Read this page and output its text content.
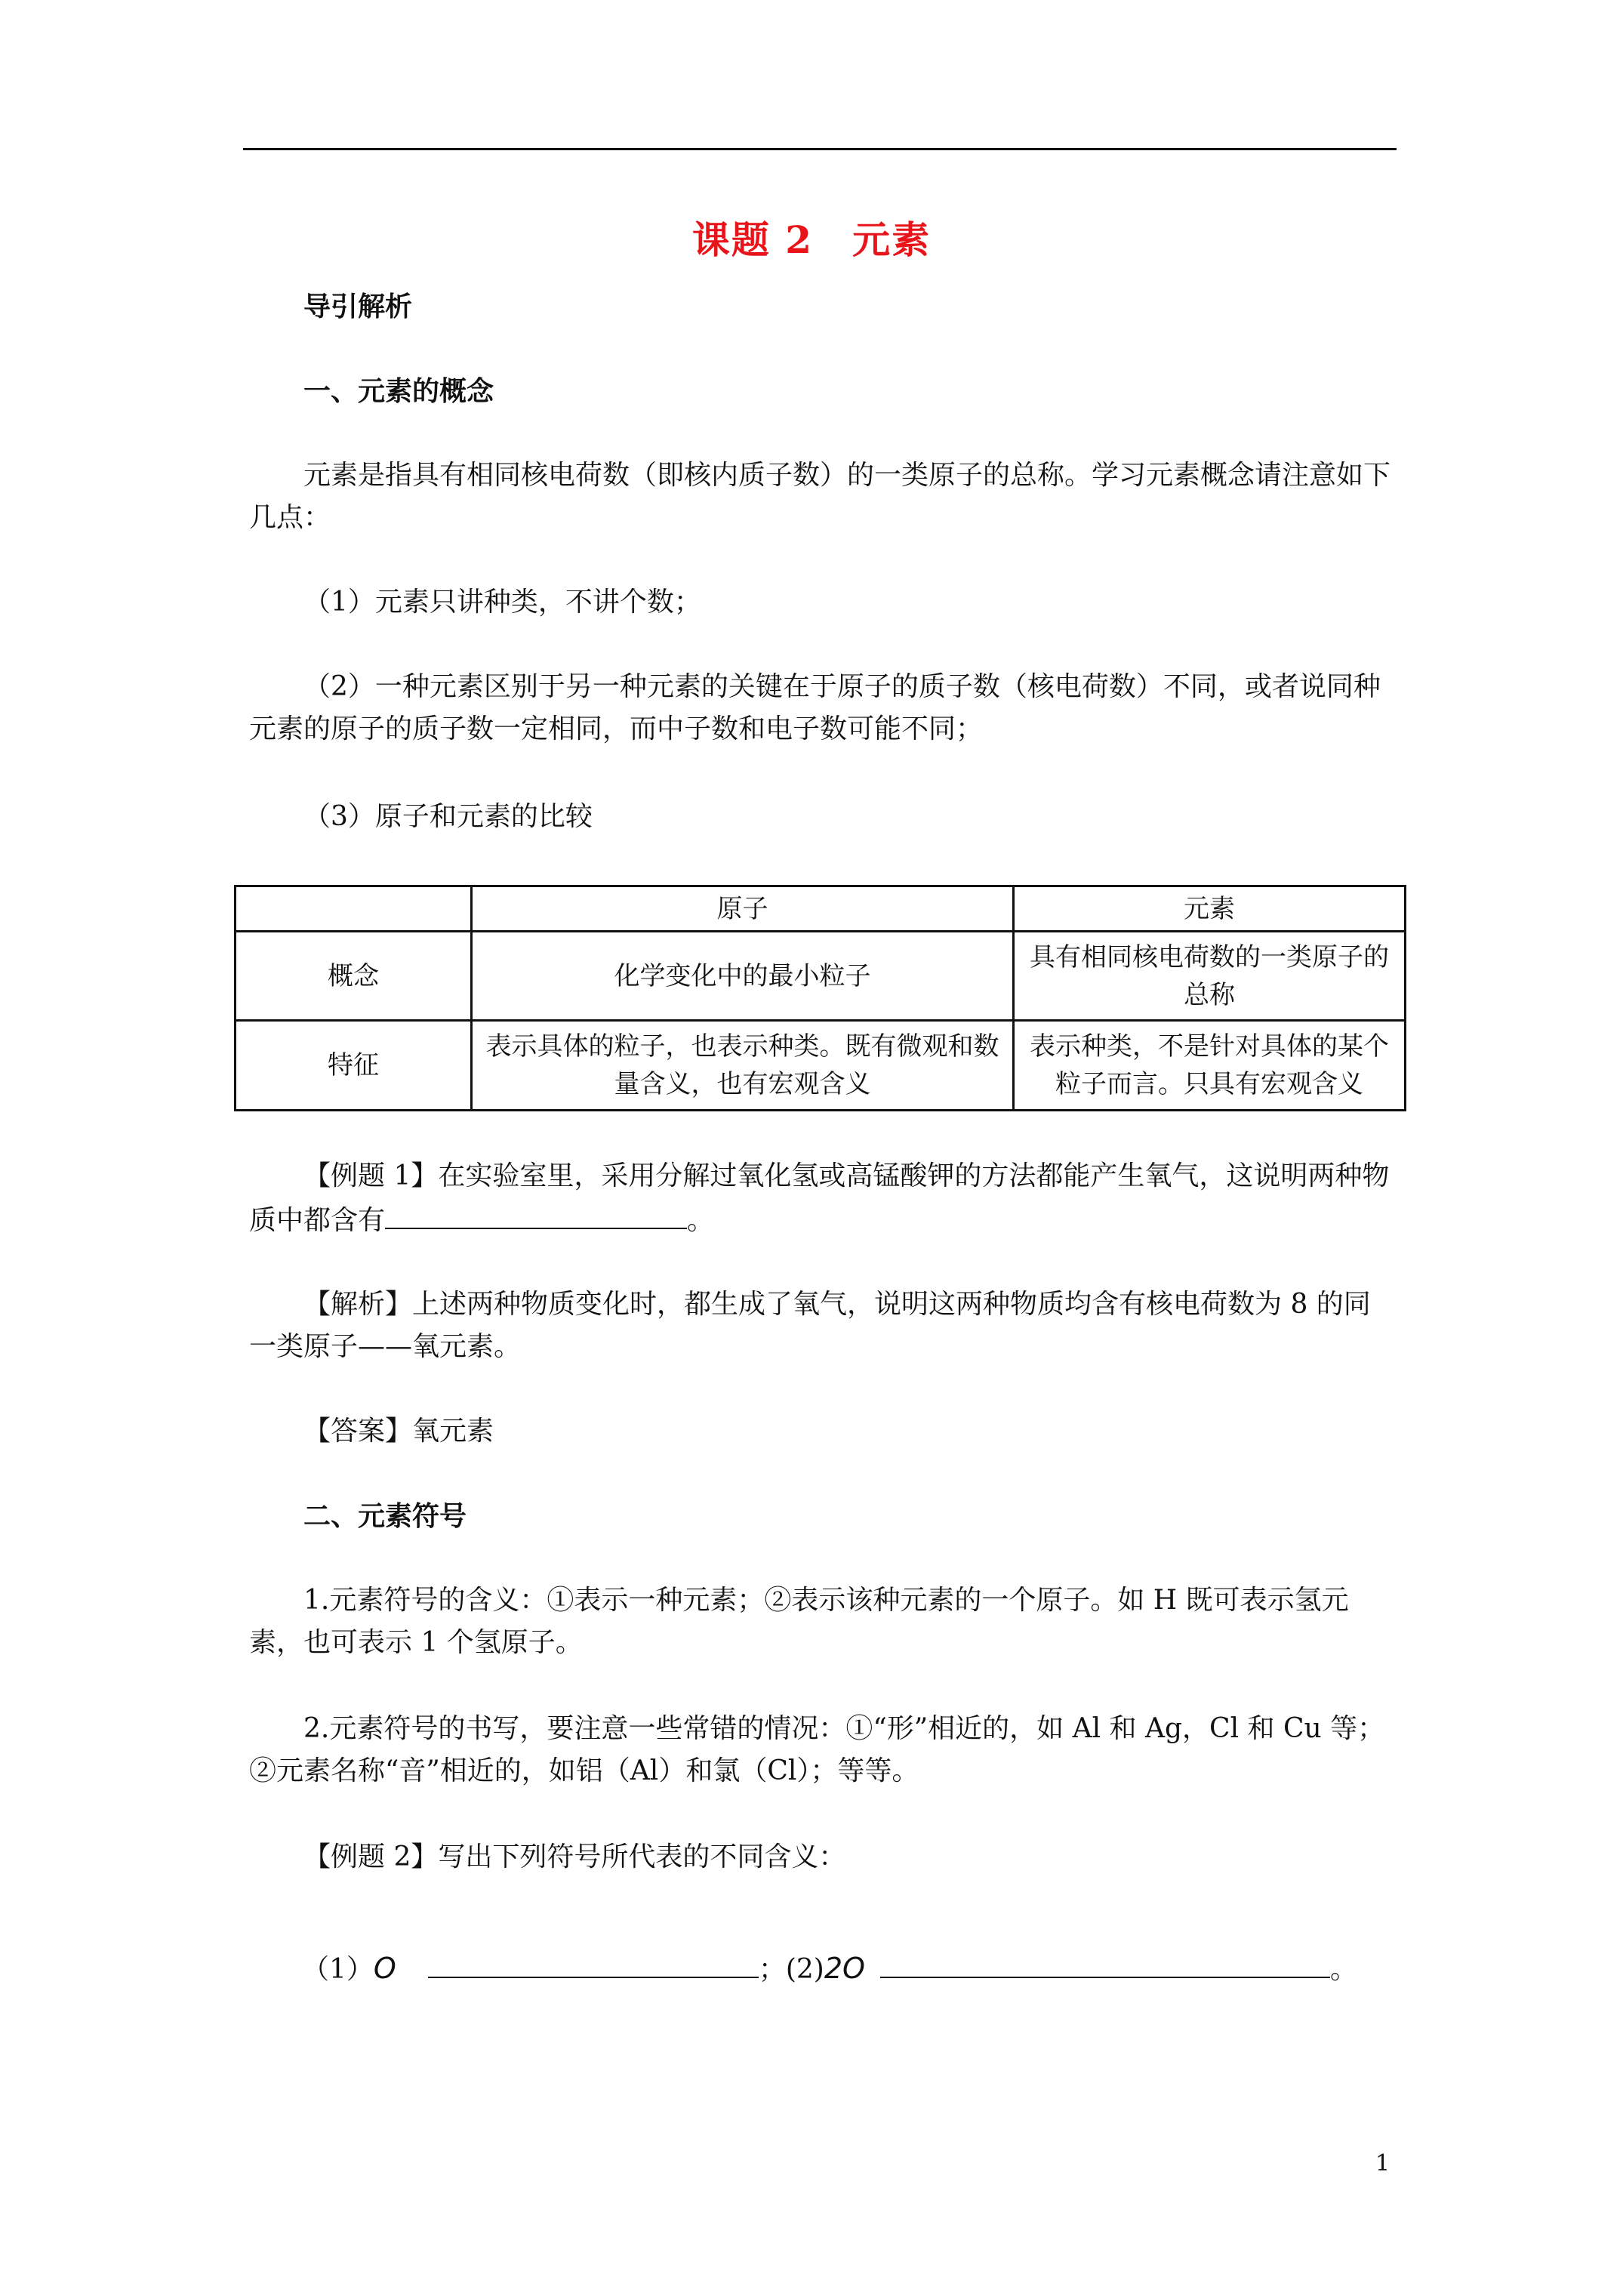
课题 2 元素
导引解析
一、元素的概念
元素是指具有相同核电荷数（即核内质子数）的一类原子的总称。学习元素概念请注意如下几点：
（1）元素只讲种类，不讲个数；
（2）一种元素区别于另一种元素的关键在于原子的质子数（核电荷数）不同，或者说同种元素的原子的质子数一定相同，而中子数和电子数可能不同；
（3）原子和元素的比较
	原子	元素
概念	化学变化中的最小粒子	具有相同核电荷数的一类原子的总称
特征	表示具体的粒子，也表示种类。既有微观和数量含义，也有宏观含义	表示种类，不是针对具体的某个粒子而言。只具有宏观含义
【例题 1】在实验室里，采用分解过氧化氢或高锰酸钾的方法都能产生氧气，这说明两种物质中都含有	。
【解析】上述两种物质变化时，都生成了氧气，说明这两种物质均含有核电荷数为 8 的同一类原子——氧元素。
【答案】氧元素
二、元素符号
1.元素符号的含义：①表示一种元素；②表示该种元素的一个原子。如 H 既可表示氢元素，也可表示 1 个氢原子。
2.元素符号的书写，要注意一些常错的情况：①“形”相近的，如 Al 和 Ag，Cl 和 Cu 等；②元素名称“音”相近的，如铝（Al）和氯（Cl）；等等。
【例题 2】写出下列符号所代表的不同含义：
（1）O	；(2)2O	。
1
